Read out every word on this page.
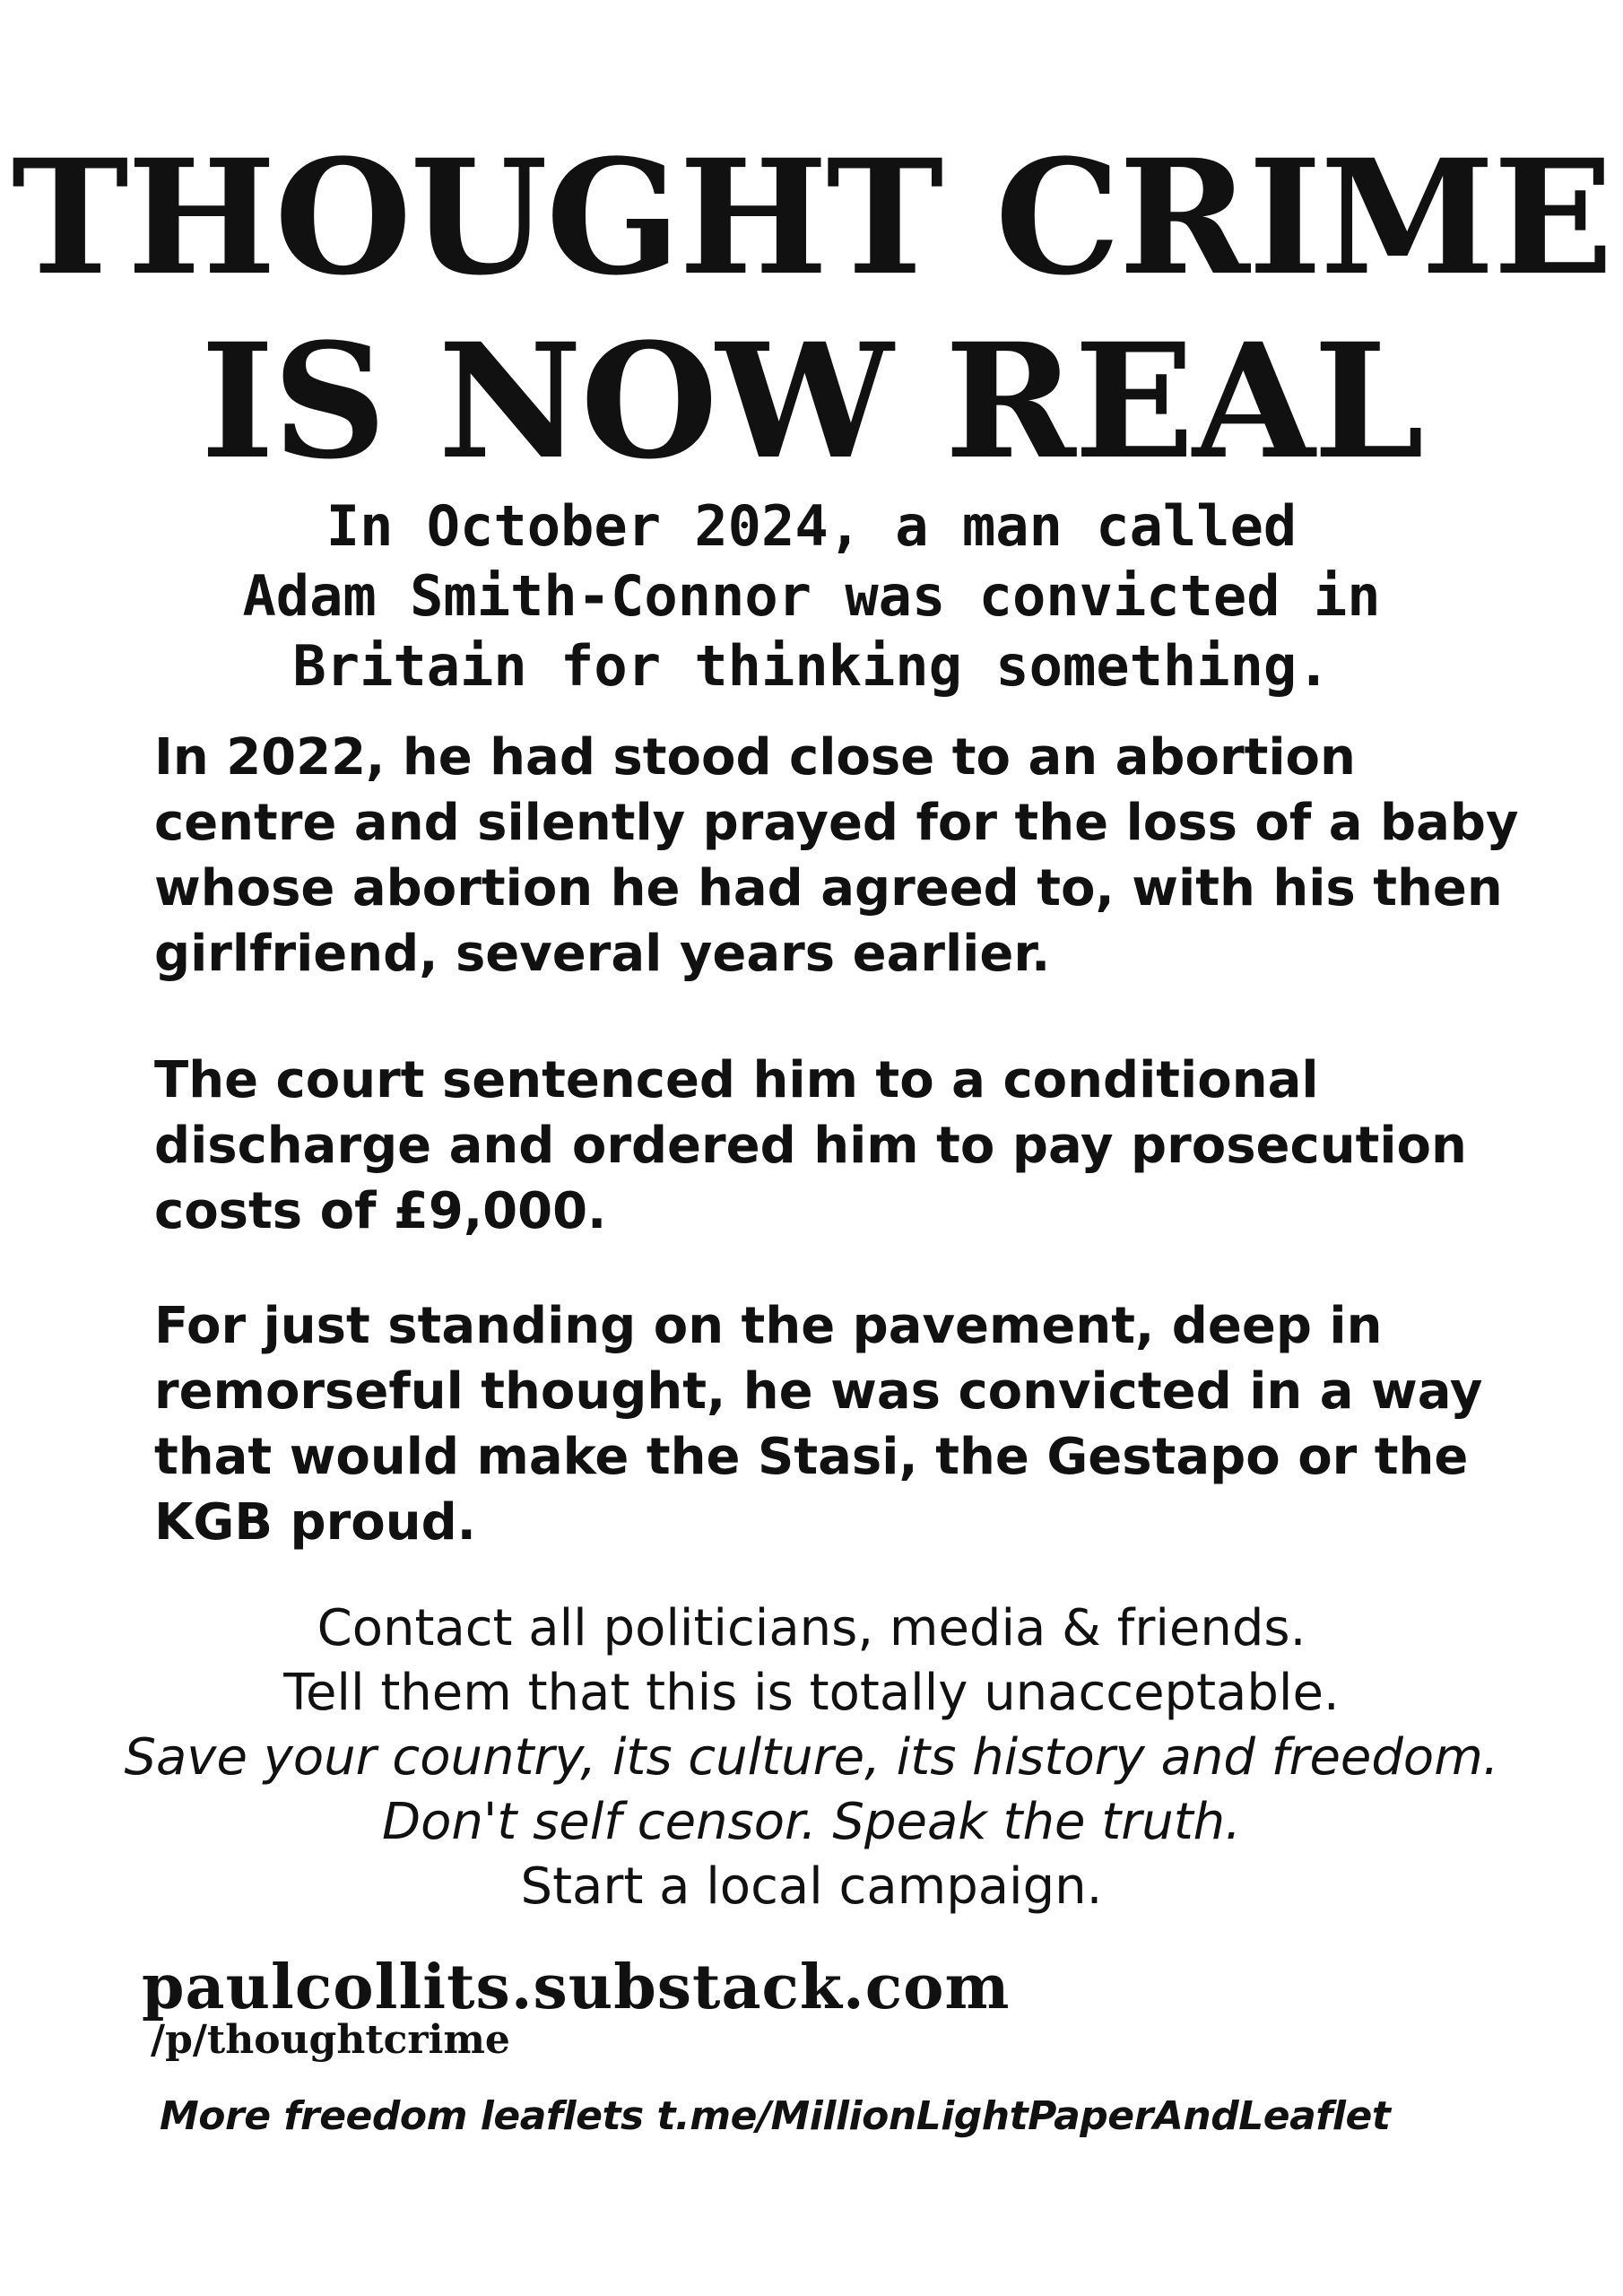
THOUGHT CRIME
IS NOW REAL
In October 2024, a man called
Adam Smith-Connor was convicted in
Britain for thinking something.
In 2022, he had stood close to an abortion
centre and silently prayed for the loss of a baby
whose abortion he had agreed to, with his then
girlfriend, several years earlier.
The court sentenced him to a conditional
discharge and ordered him to pay prosecution
costs of £9,000.
For just standing on the pavement, deep in
remorseful thought, he was convicted in a way
that would make the Stasi, the Gestapo or the
KGB proud.
Contact all politicians, media & friends.
Tell them that this is totally unacceptable.
Save your country, its culture, its history and freedom.
Don't self censor. Speak the truth.
Start a local campaign.
paulcollits.substack.com
/p/thoughtcrime
More freedom leaflets t.me/MillionLightPaperAndLeaflet
